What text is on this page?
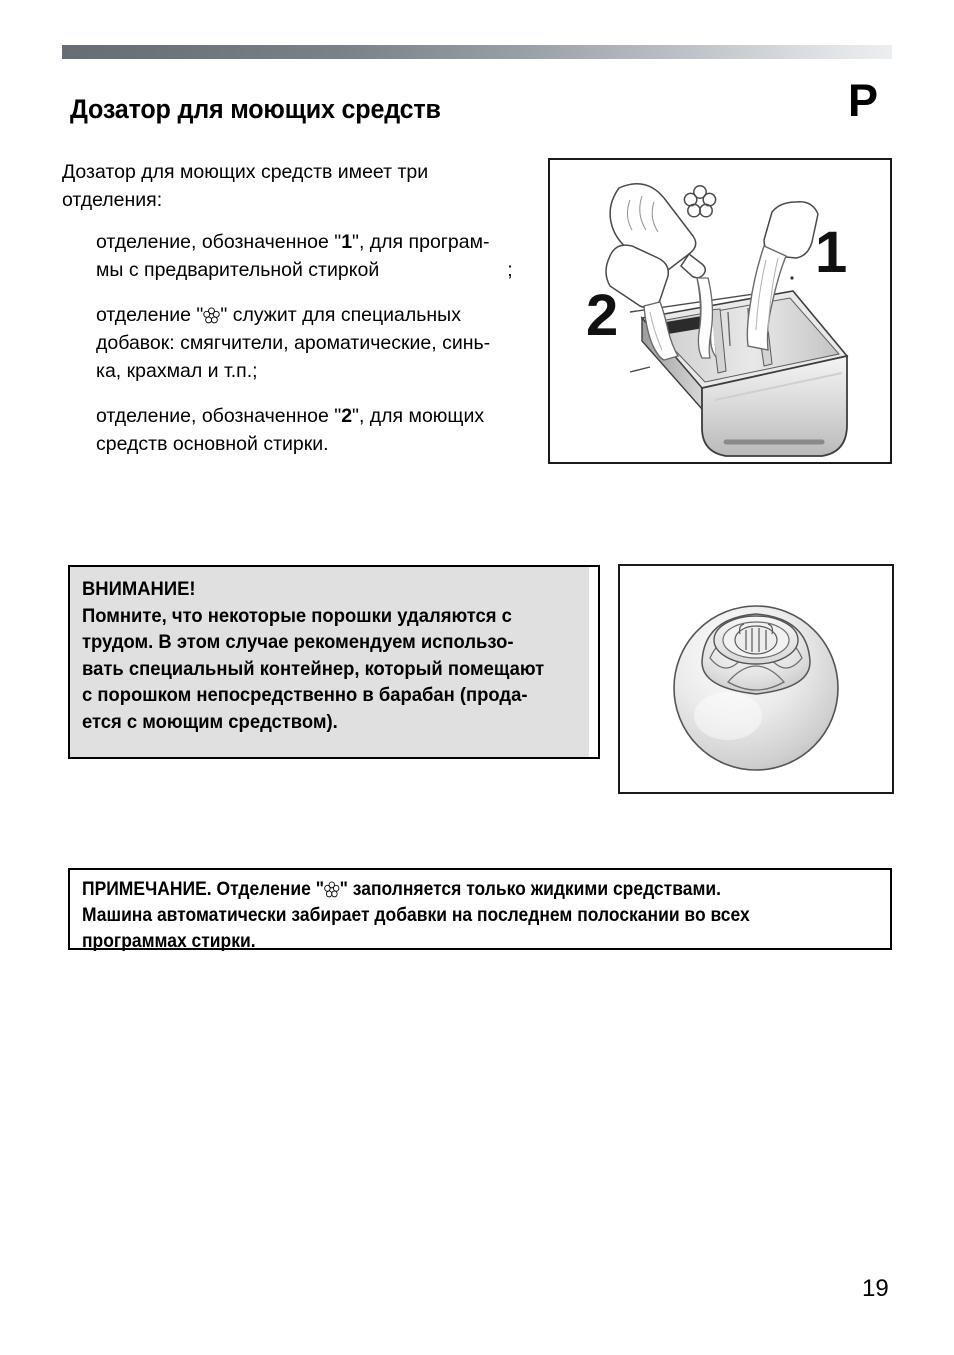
Дозатор для моющих средств	P
Дозатор для моющих средств имеет три отделения:
отделение, обозначенное "1", для програм-
мы с предварительной стиркой	;
отделение " " служит для специальных
добавок: смягчители, ароматические, синь-
ка, крахмал и т.п.;
отделение, обозначенное "2", для моющих
средств основной стирки.
2
1
ВНИМАНИЕ!
Помните, что некоторые порошки удаляются с
трудом. В этом случае рекомендуем использо-
вать специальный контейнер, который помещают
с порошком непосредственно в барабан (прода-
ется с моющим средством).
ПРИМЕЧАНИЕ. Отделение " " заполняется только жидкими средствами.
Машина автоматически забирает добавки на последнем полоскании во всех
программах стирки.
19
